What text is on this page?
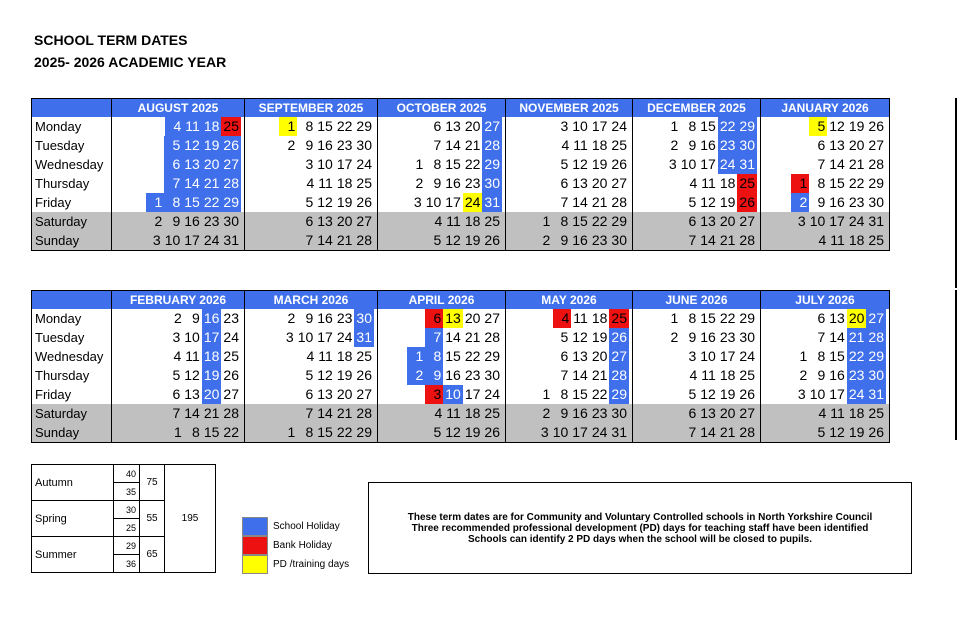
SCHOOL TERM DATES
2025- 2026 ACADEMIC YEAR
	AUGUST 2025	SEPTEMBER 2025	OCTOBER 2025	NOVEMBER 2025	DECEMBER 2025	JANUARY 2026
Monday	4 11 18 25	1 8 15 22 29	6 13 20 27	3 10 17 24	1 8 15 22 29	5 12 19 26

Tuesday	5 12 19 26	2 9 16 23 30	7 14 21 28	4 11 18 25	2 9 16 23 30	6 13 20 27

Wednesday	6 13 20 27	3 10 17 24	1 8 15 22 29	5 12 19 26	3 10 17 24 31	7 14 21 28

Thursday	7 14 21 28	4 11 18 25	2 9 16 23 30	6 13 20 27	4 11 18 25	1 8 15 22 29

Friday	1 8 15 22 29	5 12 19 26	3 10 17 24 31	7 14 21 28	5 12 19 26	2 9 16 23 30

Saturday	2 9 16 23 30	6 13 20 27	4 11 18 25	1 8 15 22 29	6 13 20 27	3 10 17 24 31

Sunday	3 10 17 24 31	7 14 21 28	5 12 19 26	2 9 16 23 30	7 14 21 28	4 11 18 25
	FEBRUARY 2026	MARCH 2026	APRIL 2026	MAY 2026	JUNE 2026	JULY 2026
Monday	2 9 16 23	2 9 16 23 30	6 13 20 27	4 11 18 25	1 8 15 22 29	6 13 20 27

Tuesday	3 10 17 24	3 10 17 24 31	7 14 21 28	5 12 19 26	2 9 16 23 30	7 14 21 28

Wednesday	4 11 18 25	4 11 18 25	1 8 15 22 29	6 13 20 27	3 10 17 24	1 8 15 22 29

Thursday	5 12 19 26	5 12 19 26	2 9 16 23 30	7 14 21 28	4 11 18 25	2 9 16 23 30

Friday	6 13 20 27	6 13 20 27	3 10 17 24	1 8 15 22 29	5 12 19 26	3 10 17 24 31

Saturday	7 14 21 28	7 14 21 28	4 11 18 25	2 9 16 23 30	6 13 20 27	4 11 18 25

Sunday	1 8 15 22	1 8 15 22 29	5 12 19 26	3 10 17 24 31	7 14 21 28	5 12 19 26
Autumn	40	75	195
	35		
Spring	30	55	
	25		
Summer	29	65	
	36		
School Holiday
Bank Holiday
PD /training days
These term dates are for Community and Voluntary Controlled schools in North Yorkshire Council
Three recommended professional development (PD) days for teaching staff have been identified
Schools can identify 2 PD days when the school will be closed to pupils.
